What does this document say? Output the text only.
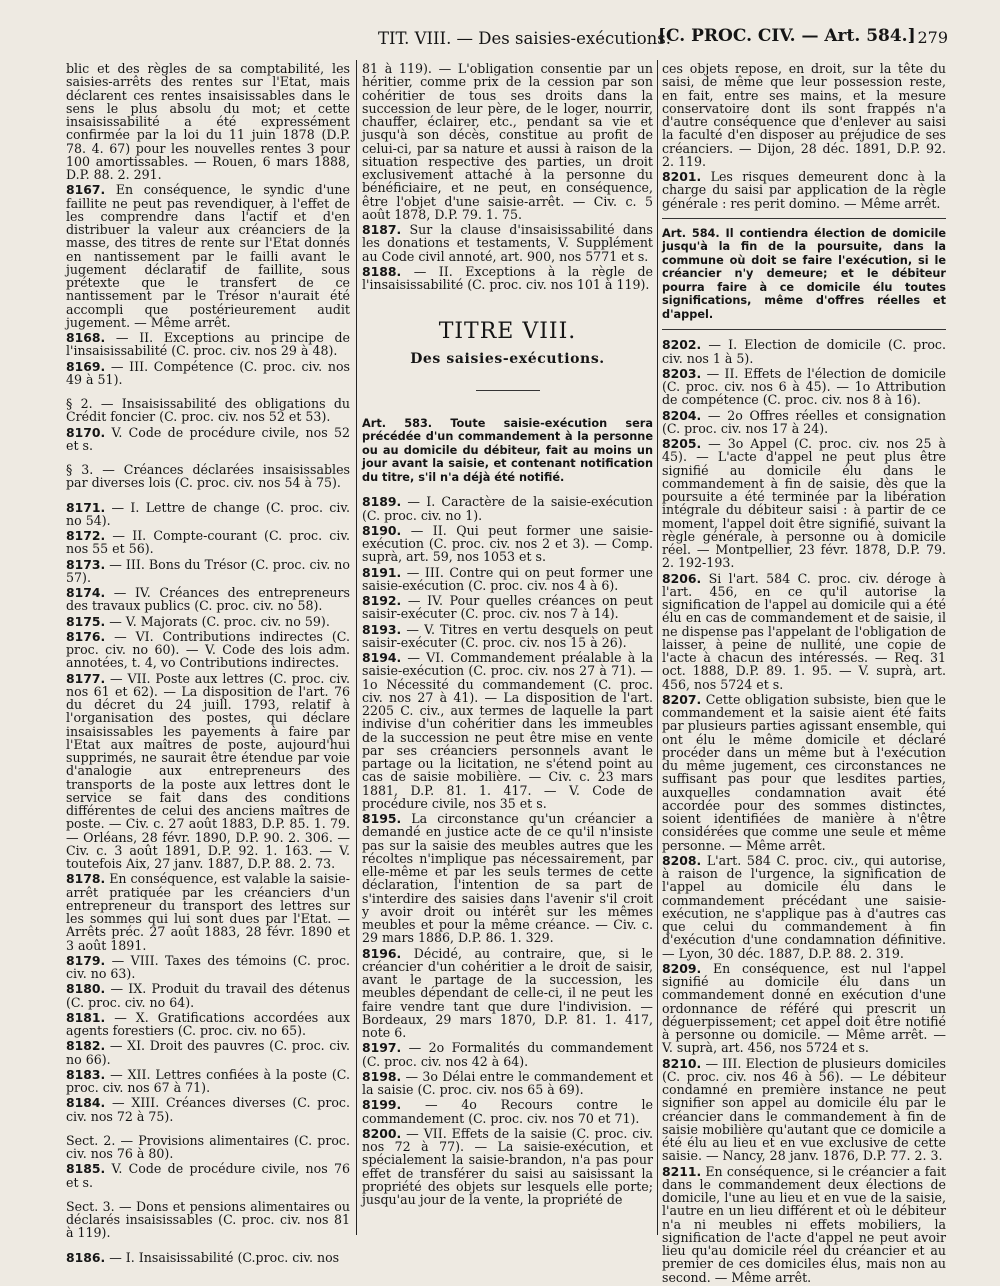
TIT. VIII. — Des saisies-exécutions.
[C. PROC. CIV. — Art. 584.] 279

blic et des règles de sa comptabilité, les saisies-arrêts des rentes sur l'Etat, mais déclarent ces rentes insaisissables dans le sens le plus absolu du mot; et cette insaisissabilité a été expressément confirmée par la loi du 11 juin 1878 (D.P. 78. 4. 67) pour les nouvelles rentes 3 pour 100 amortissables. — Rouen, 6 mars 1888, D.P. 88. 2. 291.

8167. En conséquence, le syndic d'une faillite ne peut pas revendiquer, à l'effet de les comprendre dans l'actif et d'en distribuer la valeur aux créanciers de la masse, des titres de rente sur l'Etat donnés en nantissement par le failli avant le jugement déclaratif de faillite, sous prétexte que le transfert de ce nantissement par le Trésor n'aurait été accompli que postérieurement audit jugement. — Même arrêt.

8168. — II. Exceptions au principe de l'insaisissabilité (C. proc. civ. nos 29 à 48).

8169. — III. Compétence (C. proc. civ. nos 49 à 51).

§ 2. — Insaisissabilité des obligations du Crédit foncier (C. proc. civ. nos 52 et 53).

8170. V. Code de procédure civile, nos 52 et s.

§ 3. — Créances déclarées insaisissables par diverses lois (C. proc. civ. nos 54 à 75).

8171. — I. Lettre de change (C. proc. civ. no 54).

8172. — II. Compte-courant (C. proc. civ. nos 55 et 56).

8173. — III. Bons du Trésor (C. proc. civ. no 57).

8174. — IV. Créances des entrepreneurs des travaux publics (C. proc. civ. no 58).

8175. — V. Majorats (C. proc. civ. no 59).

8176. — VI. Contributions indirectes (C. proc. civ. no 60). — V. Code des lois adm. annotées, t. 4, vo Contributions indirectes.

8177. — VII. Poste aux lettres (C. proc. civ. nos 61 et 62). — La disposition de l'art. 76 du décret du 24 juill. 1793, relatif à l'organisation des postes, qui déclare insaisissables les payements à faire par l'Etat aux maîtres de poste, aujourd'hui supprimés, ne saurait être étendue par voie d'analogie aux entrepreneurs des transports de la poste aux lettres dont le service se fait dans des conditions différentes de celui des anciens maîtres de poste. — Civ. c. 27 août 1883, D.P. 85. 1. 79. — Orléans, 28 févr. 1890, D.P. 90. 2. 306. — Civ. c. 3 août 1891, D.P. 92. 1. 163. — V. toutefois Aix, 27 janv. 1887, D.P. 88. 2. 73.

8178. En conséquence, est valable la saisie-arrêt pratiquée par les créanciers d'un entrepreneur du transport des lettres sur les sommes qui lui sont dues par l'Etat. — Arrêts préc. 27 août 1883, 28 févr. 1890 et 3 août 1891.

8179. — VIII. Taxes des témoins (C. proc. civ. no 63).

8180. — IX. Produit du travail des détenus (C. proc. civ. no 64).

8181. — X. Gratifications accordées aux agents forestiers (C. proc. civ. no 65).

8182. — XI. Droit des pauvres (C. proc. civ. no 66).

8183. — XII. Lettres confiées à la poste (C. proc. civ. nos 67 à 71).

8184. — XIII. Créances diverses (C. proc. civ. nos 72 à 75).

Sect. 2. — Provisions alimentaires (C. proc. civ. nos 76 à 80).

8185. V. Code de procédure civile, nos 76 et s.

Sect. 3. — Dons et pensions alimentaires ou déclarés insaisissables (C. proc. civ. nos 81 à 119).

8186. — I. Insaisissabilité (C.proc. civ. nos

81 à 119). — L'obligation consentie par un héritier, comme prix de la cession par son cohéritier de tous ses droits dans la succession de leur père, de le loger, nourrir, chauffer, éclairer, etc., pendant sa vie et jusqu'à son décès, constitue au profit de celui-ci, par sa nature et aussi à raison de la situation respective des parties, un droit exclusivement attaché à la personne du bénéficiaire, et ne peut, en conséquence, être l'objet d'une saisie-arrêt. — Civ. c. 5 août 1878, D.P. 79. 1. 75.

8187. Sur la clause d'insaisissabilité dans les donations et testaments, V. Supplément au Code civil annoté, art. 900, nos 5771 et s.

8188. — II. Exceptions à la règle de l'insaisissabilité (C. proc. civ. nos 101 à 119).

TITRE VIII.
Des saisies-exécutions.

Art. 583. Toute saisie-exécution sera précédée d'un commandement à la personne ou au domicile du débiteur, fait au moins un jour avant la saisie, et contenant notification du titre, s'il n'a déjà été notifié.

8189. — I. Caractère de la saisie-exécution (C. proc. civ. no 1).

8190. — II. Qui peut former une saisie-exécution (C. proc. civ. nos 2 et 3). — Comp. suprà, art. 59, nos 1053 et s.

8191. — III. Contre qui on peut former une saisie-exécution (C. proc. civ. nos 4 à 6).

8192. — IV. Pour quelles créances on peut saisir-exécuter (C. proc. civ. nos 7 à 14).

8193. — V. Titres en vertu desquels on peut saisir-exécuter (C. proc. civ. nos 15 à 26).

8194. — VI. Commandement préalable à la saisie-exécution (C. proc. civ. nos 27 à 71). — 1o Nécessité du commandement (C. proc. civ. nos 27 à 41). — La disposition de l'art. 2205 C. civ., aux termes de laquelle la part indivise d'un cohéritier dans les immeubles de la succession ne peut être mise en vente par ses créanciers personnels avant le partage ou la licitation, ne s'étend point au cas de saisie mobilière. — Civ. c. 23 mars 1881, D.P. 81. 1. 417. — V. Code de procédure civile, nos 35 et s.

8195. La circonstance qu'un créancier a demandé en justice acte de ce qu'il n'insiste pas sur la saisie des meubles autres que les récoltes n'implique pas nécessairement, par elle-même et par les seuls termes de cette déclaration, l'intention de sa part de s'interdire des saisies dans l'avenir s'il croit y avoir droit ou intérêt sur les mêmes meubles et pour la même créance. — Civ. c. 29 mars 1886, D.P. 86. 1. 329.

8196. Décidé, au contraire, que, si le créancier d'un cohéritier a le droit de saisir, avant le partage de la succession, les meubles dépendant de celle-ci, il ne peut les faire vendre tant que dure l'indivision. — Bordeaux, 29 mars 1870, D.P. 81. 1. 417, note 6.

8197. — 2o Formalités du commandement (C. proc. civ. nos 42 à 64).

8198. — 3o Délai entre le commandement et la saisie (C. proc. civ. nos 65 à 69).

8199. — 4o Recours contre le commandement (C. proc. civ. nos 70 et 71).

8200. — VII. Effets de la saisie (C. proc. civ. nos 72 à 77). — La saisie-exécution, et spécialement la saisie-brandon, n'a pas pour effet de transférer du saisi au saisissant la propriété des objets sur lesquels elle porte; jusqu'au jour de la vente, la propriété de

ces objets repose, en droit, sur la tête du saisi, de même que leur possession reste, en fait, entre ses mains, et la mesure conservatoire dont ils sont frappés n'a d'autre conséquence que d'enlever au saisi la faculté d'en disposer au préjudice de ses créanciers. — Dijon, 28 déc. 1891, D.P. 92. 2. 119.

8201. Les risques demeurent donc à la charge du saisi par application de la règle générale : res perit domino. — Même arrêt.

Art. 584. Il contiendra élection de domicile jusqu'à la fin de la poursuite, dans la commune où doit se faire l'exécution, si le créancier n'y demeure; et le débiteur pourra faire à ce domicile élu toutes significations, même d'offres réelles et d'appel.

8202. — I. Election de domicile (C. proc. civ. nos 1 à 5).

8203. — II. Effets de l'élection de domicile (C. proc. civ. nos 6 à 45). — 1o Attribution de compétence (C. proc. civ. nos 8 à 16).

8204. — 2o Offres réelles et consignation (C. proc. civ. nos 17 à 24).

8205. — 3o Appel (C. proc. civ. nos 25 à 45). — L'acte d'appel ne peut plus être signifié au domicile élu dans le commandement à fin de saisie, dès que la poursuite a été terminée par la libération intégrale du débiteur saisi : à partir de ce moment, l'appel doit être signifié, suivant la règle générale, à personne ou à domicile réel. — Montpellier, 23 févr. 1878, D.P. 79. 2. 192-193.

8206. Si l'art. 584 C. proc. civ. déroge à l'art. 456, en ce qu'il autorise la signification de l'appel au domicile qui a été élu en cas de commandement et de saisie, il ne dispense pas l'appelant de l'obligation de laisser, à peine de nullité, une copie de l'acte à chacun des intéressés. — Req. 31 oct. 1888, D.P. 89. 1. 95. — V. suprà, art. 456, nos 5724 et s.

8207. Cette obligation subsiste, bien que le commandement et la saisie aient été faits par plusieurs parties agissant ensemble, qui ont élu le même domicile et déclaré procéder dans un même but à l'exécution du même jugement, ces circonstances ne suffisant pas pour que lesdites parties, auxquelles condamnation avait été accordée pour des sommes distinctes, soient identifiées de manière à n'être considérées que comme une seule et même personne. — Même arrêt.

8208. L'art. 584 C. proc. civ., qui autorise, à raison de l'urgence, la signification de l'appel au domicile élu dans le commandement précédant une saisie-exécution, ne s'applique pas à d'autres cas que celui du commandement à fin d'exécution d'une condamnation définitive. — Lyon, 30 déc. 1887, D.P. 88. 2. 319.

8209. En conséquence, est nul l'appel signifié au domicile élu dans un commandement donné en exécution d'une ordonnance de référé qui prescrit un déguerpissement; cet appel doit être notifié à personne ou domicile. — Même arrêt. — V. suprà, art. 456, nos 5724 et s.

8210. — III. Election de plusieurs domiciles (C. proc. civ. nos 46 à 56). — Le débiteur condamné en première instance ne peut signifier son appel au domicile élu par le créancier dans le commandement à fin de saisie mobilière qu'autant que ce domicile a été élu au lieu et en vue exclusive de cette saisie. — Nancy, 28 janv. 1876, D.P. 77. 2. 3.

8211. En conséquence, si le créancier a fait dans le commandement deux élections de domicile, l'une au lieu et en vue de la saisie, l'autre en un lieu différent et où le débiteur n'a ni meubles ni effets mobiliers, la signification de l'acte d'appel ne peut avoir lieu qu'au domicile réel du créancier et au premier de ces domiciles élus, mais non au second. — Même arrêt.
